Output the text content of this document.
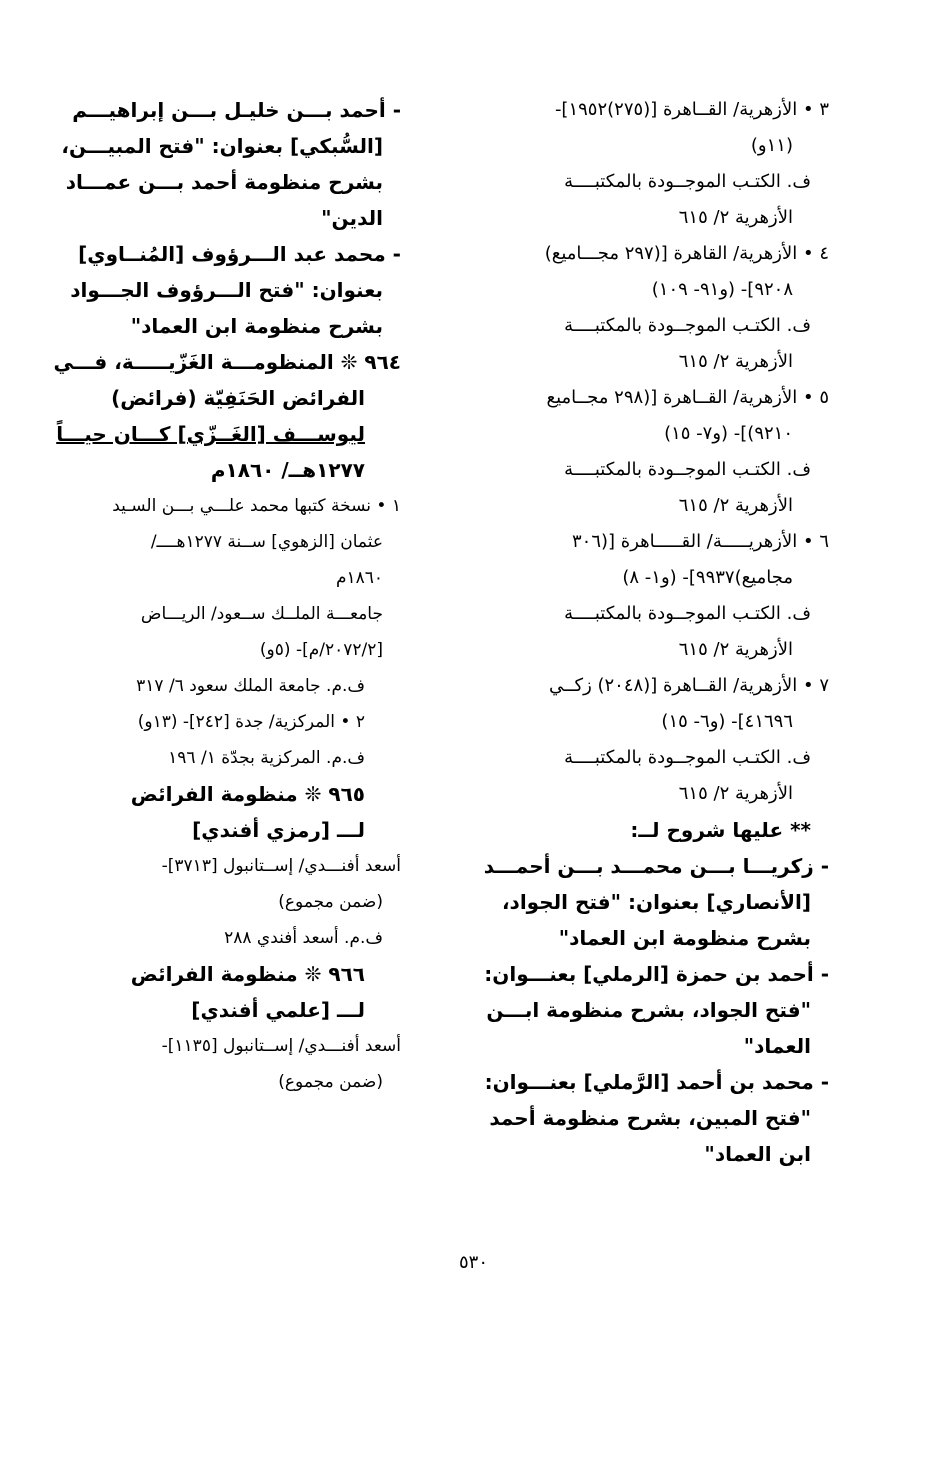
٣ • الأزهرية/ القــاهرة [(٢٧٥)١٩٥٢]-
(١١و)
ف. الكتـب الموجــودة بالمكتبــــة
الأزهرية ٢/ ٦١٥
٤ • الأزهرية/ القاهرة [(٢٩٧ مجـــاميع)
٩٢٠٨]- (و٩١- ١٠٩)
ف. الكتـب الموجــودة بالمكتبــــة
الأزهرية ٢/ ٦١٥
٥ • الأزهرية/ القــاهرة [(٢٩٨ مجــاميع
٩٢١٠)]- (و٧- ١٥)
ف. الكتـب الموجــودة بالمكتبــــة
الأزهرية ٢/ ٦١٥
٦ • الأزهريـــــة/ القـــــاهرة [(٣٠٦
مجاميع)٩٩٣٧]- (و١- ٨)
ف. الكتـب الموجــودة بالمكتبــــة
الأزهرية ٢/ ٦١٥
٧ • الأزهرية/ القــاهرة [(٢٠٤٨) زكــي
٤١٦٩٦]- (و٦- ١٥)
ف. الكتـب الموجــودة بالمكتبــــة
الأزهرية ٢/ ٦١٥
** عليها شروح لــ:
- زكريـــا بـــن محمـــد بـــن أحمـــد
[الأنصاري] بعنوان: "فتح الجواد،
بشرح منظومة ابن العماد"
- أحمد بن حمزة [الرملي] بعنـــوان:
"فتح الجواد، بشرح منظومة ابـــن
العماد"
- محمد بن أحمد [الرَّملي] بعنـــوان:
"فتح المبين، بشرح منظومة أحمد
ابن العماد"
- أحمد بـــن خليـل بـــن إبراهيـــم
[السُّبكي] بعنوان: "فتح المبيـــن،
بشرح منظومة أحمد بـــن عمـــاد
الدين"
- محمد عبد الـــرؤوف [المُنــاوي]
بعنوان: "فتح الـــرؤوف الجـــواد
بشرح منظومة ابن العماد"
٩٦٤ ❊ المنظومـــة الغَزّيـــــة، فـــي
الفرائض الحَنَفِيّة (فرائض)
ليوســـف [الغَــزّي] كـــان حيـــاً
١٢٧٧هــ/ ١٨٦٠م
١ • نسخة كتبها محمد علـــي بـــن السـيد
عثمان [الزهوي] ســنة ١٢٧٧هــــ/
١٨٦٠م
جامعـــة الملــك ســعود/ الريـــاض
[٢٠٧٢/٢/م]- (٥و)
ف.م. جامعة الملك سعود ٦/ ٣١٧
٢ • المركزية/ جدة [٢٤٢]- (١٣و)
ف.م. المركزية بجدّة ١/ ١٩٦
٩٦٥ ❊ منظومة الفرائض
لـــ [رمزي أفندي]
أسعد أفنـــدي/ إســتانبول [٣٧١٣]-
(ضمن مجموع)
ف.م. أسعد أفندي ٢٨٨
٩٦٦ ❊ منظومة الفرائض
لـــ [علمي أفندي]
أسعد أفنـــدي/ إســتانبول [١١٣٥]-
(ضمن مجموع)
٥٣٠
